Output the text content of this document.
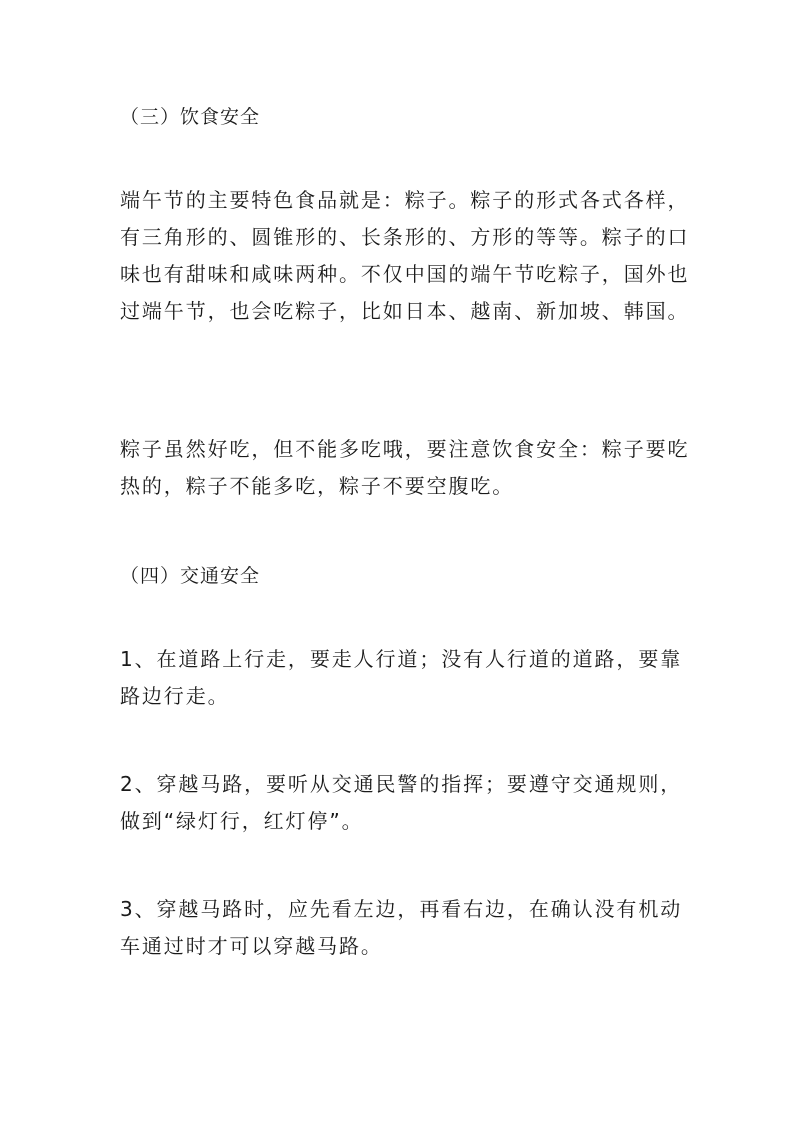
（三）饮食安全
端午节的主要特色食品就是：粽子。粽子的形式各式各样，
有三角形的、圆锥形的、长条形的、方形的等等。粽子的口
味也有甜味和咸味两种。不仅中国的端午节吃粽子，国外也
过端午节，也会吃粽子，比如日本、越南、新加坡、韩国。
粽子虽然好吃，但不能多吃哦，要注意饮食安全：粽子要吃
热的，粽子不能多吃，粽子不要空腹吃。
（四）交通安全
1、在道路上行走，要走人行道；没有人行道的道路，要靠
路边行走。
2、穿越马路，要听从交通民警的指挥；要遵守交通规则，
做到“绿灯行，红灯停”。
3、穿越马路时，应先看左边，再看右边，在确认没有机动
车通过时才可以穿越马路。
